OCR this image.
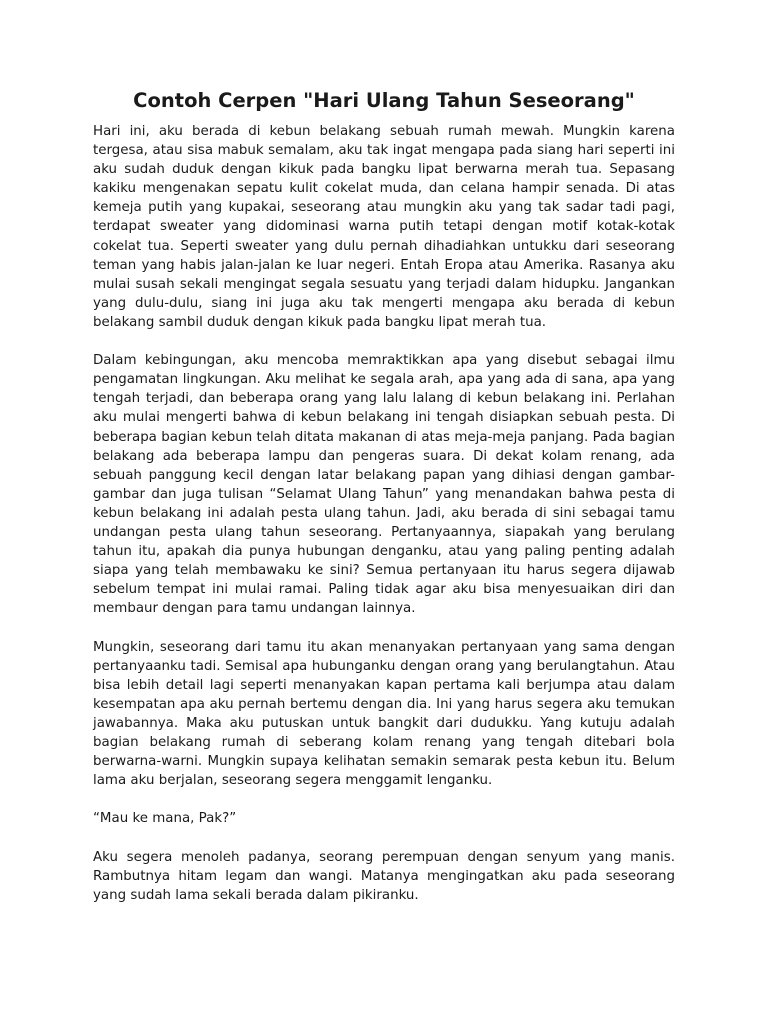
Contoh Cerpen "Hari Ulang Tahun Seseorang"

Hari ini, aku berada di kebun belakang sebuah rumah mewah. Mungkin karena tergesa, atau sisa mabuk semalam, aku tak ingat mengapa pada siang hari seperti ini aku sudah duduk dengan kikuk pada bangku lipat berwarna merah tua. Sepasang kakiku mengenakan sepatu kulit cokelat muda, dan celana hampir senada. Di atas kemeja putih yang kupakai, seseorang atau mungkin aku yang tak sadar tadi pagi, terdapat sweater yang didominasi warna putih tetapi dengan motif kotak-kotak cokelat tua. Seperti sweater yang dulu pernah dihadiahkan untukku dari seseorang teman yang habis jalan-jalan ke luar negeri. Entah Eropa atau Amerika. Rasanya aku mulai susah sekali mengingat segala sesuatu yang terjadi dalam hidupku. Jangankan yang dulu-dulu, siang ini juga aku tak mengerti mengapa aku berada di kebun belakang sambil duduk dengan kikuk pada bangku lipat merah tua.

Dalam kebingungan, aku mencoba memraktikkan apa yang disebut sebagai ilmu pengamatan lingkungan. Aku melihat ke segala arah, apa yang ada di sana, apa yang tengah terjadi, dan beberapa orang yang lalu lalang di kebun belakang ini. Perlahan aku mulai mengerti bahwa di kebun belakang ini tengah disiapkan sebuah pesta. Di beberapa bagian kebun telah ditata makanan di atas meja-meja panjang. Pada bagian belakang ada beberapa lampu dan pengeras suara. Di dekat kolam renang, ada sebuah panggung kecil dengan latar belakang papan yang dihiasi dengan gambar-gambar dan juga tulisan “Selamat Ulang Tahun” yang menandakan bahwa pesta di kebun belakang ini adalah pesta ulang tahun. Jadi, aku berada di sini sebagai tamu undangan pesta ulang tahun seseorang. Pertanyaannya, siapakah yang berulang tahun itu, apakah dia punya hubungan denganku, atau yang paling penting adalah siapa yang telah membawaku ke sini? Semua pertanyaan itu harus segera dijawab sebelum tempat ini mulai ramai. Paling tidak agar aku bisa menyesuaikan diri dan membaur dengan para tamu undangan lainnya.

Mungkin, seseorang dari tamu itu akan menanyakan pertanyaan yang sama dengan pertanyaanku tadi. Semisal apa hubunganku dengan orang yang berulangtahun. Atau bisa lebih detail lagi seperti menanyakan kapan pertama kali berjumpa atau dalam kesempatan apa aku pernah bertemu dengan dia. Ini yang harus segera aku temukan jawabannya. Maka aku putuskan untuk bangkit dari dudukku. Yang kutuju adalah bagian belakang rumah di seberang kolam renang yang tengah ditebari bola berwarna-warni. Mungkin supaya kelihatan semakin semarak pesta kebun itu. Belum lama aku berjalan, seseorang segera menggamit lenganku.

“Mau ke mana, Pak?”

Aku segera menoleh padanya, seorang perempuan dengan senyum yang manis. Rambutnya hitam legam dan wangi. Matanya mengingatkan aku pada seseorang yang sudah lama sekali berada dalam pikiranku.
